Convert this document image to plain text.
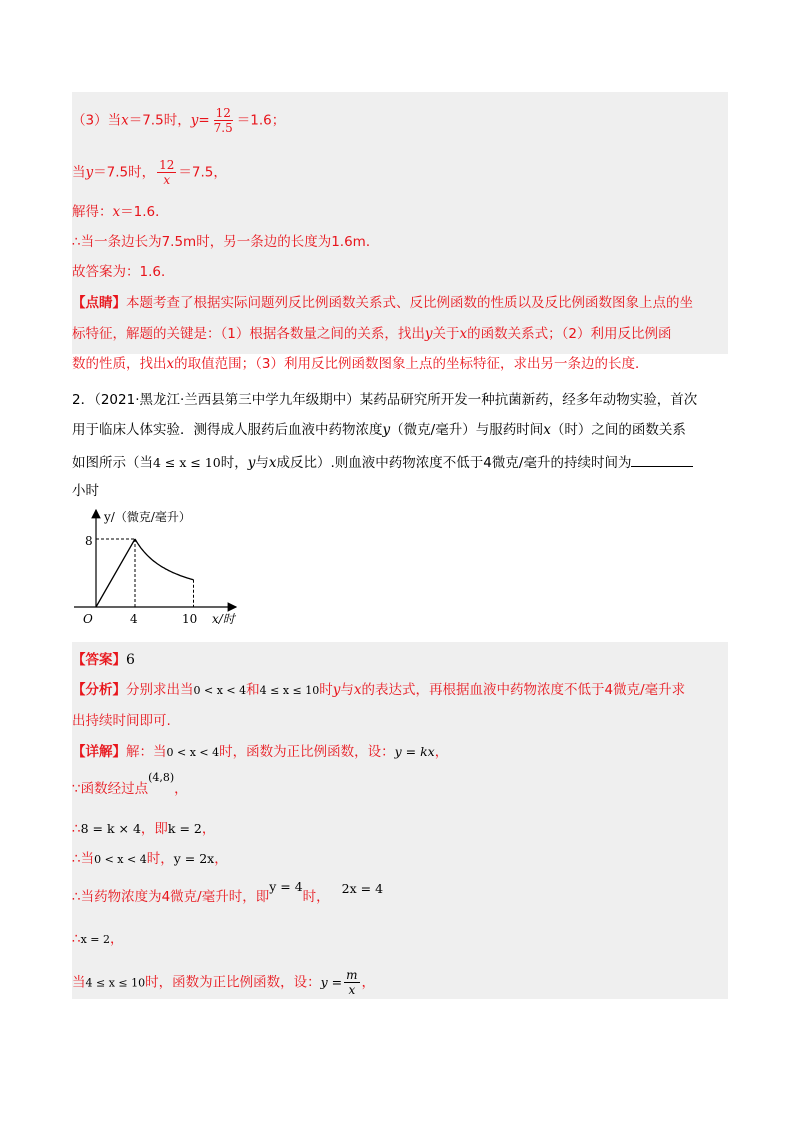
（3）当x＝7.5时，$y= \frac{12}{7.5} =1.6$；
当y＝7.5时， $\frac{12}{x} =7.5$，
解得：x＝1.6．
∴当一条边长为7.5m时，另一条边的长度为1.6m．
故答案为：1.6．
【点睛】本题考查了根据实际问题列反比例函数关系式、反比例函数的性质以及反比例函数图象上点的坐
标特征，解题的关键是：（1）根据各数量之间的关系，找出y关于x的函数关系式；（2）利用反比例函
数的性质，找出x的取值范围；（3）利用反比例函数图象上点的坐标特征，求出另一条边的长度．
2．（2021·黑龙江·兰西县第三中学九年级期中）某药品研究所开发一种抗菌新药，经多年动物实验，首次
用于临床人体实验．测得成人服药后血液中药物浓度y（微克/毫升）与服药时间x（时）之间的函数关系
如图所示（当4 ≤ x ≤ 10时，y与x成反比）.则血液中药物浓度不低于4微克/毫升的持续时间为
小时
y/（微克/毫升）
x/时
O
8
4	10
【答案】6
【分析】分别求出当0 < x < 4和4 ≤ x ≤ 10时y与x的表达式，再根据血液中药物浓度不低于4微克/毫升求
出持续时间即可.
【详解】解：当0 < x < 4时，函数为正比例函数，设：y = kx，
∵函数经过点$^{(4,8)}$，
∴8 = k × 4，即k = 2，
∴当0 < x < 4时，y = 2x，
∴当药物浓度为4微克/毫升时，即y = 4时，2x = 4
∴x = 2，
当4 ≤ x ≤ 10时，函数为正比例函数，设：$y = \frac{m}{x}$ ，
